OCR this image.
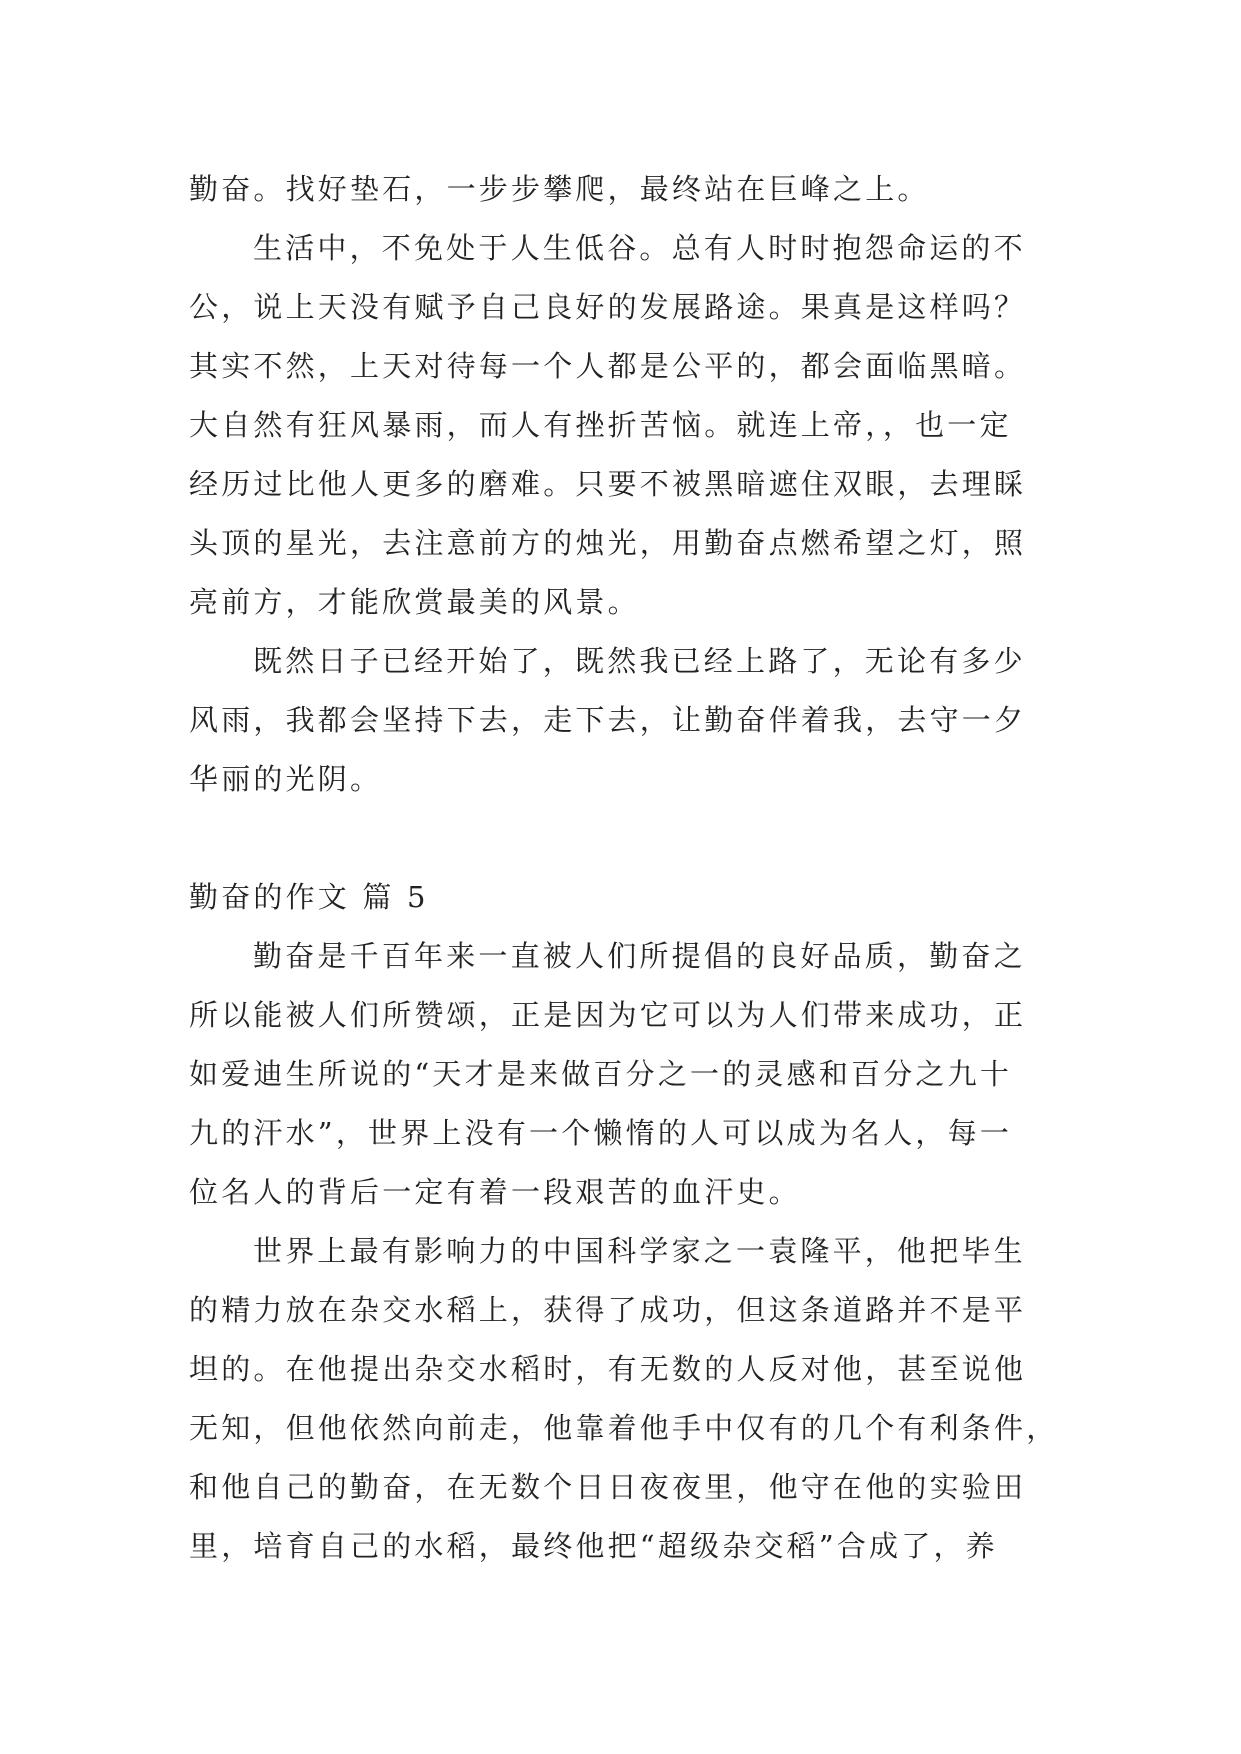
勤奋。找好垫石，一步步攀爬，最终站在巨峰之上。

生活中，不免处于人生低谷。总有人时时抱怨命运的不
公，说上天没有赋予自己良好的发展路途。果真是这样吗？
其实不然，上天对待每一个人都是公平的，都会面临黑暗。
大自然有狂风暴雨，而人有挫折苦恼。就连上帝，，也一定
经历过比他人更多的磨难。只要不被黑暗遮住双眼，去理睬
头顶的星光，去注意前方的烛光，用勤奋点燃希望之灯，照
亮前方，才能欣赏最美的风景。

既然日子已经开始了，既然我已经上路了，无论有多少
风雨，我都会坚持下去，走下去，让勤奋伴着我，去守一夕
华丽的光阴。

勤奋的作文 篇 5

勤奋是千百年来一直被人们所提倡的良好品质，勤奋之
所以能被人们所赞颂，正是因为它可以为人们带来成功，正
如爱迪生所说的“天才是来做百分之一的灵感和百分之九十
九的汗水”，世界上没有一个懒惰的人可以成为名人，每一
位名人的背后一定有着一段艰苦的血汗史。

世界上最有影响力的中国科学家之一袁隆平，他把毕生
的精力放在杂交水稻上，获得了成功，但这条道路并不是平
坦的。在他提出杂交水稻时，有无数的人反对他，甚至说他
无知，但他依然向前走，他靠着他手中仅有的几个有利条件，
和他自己的勤奋，在无数个日日夜夜里，他守在他的实验田
里，培育自己的水稻，最终他把“超级杂交稻”合成了，养
